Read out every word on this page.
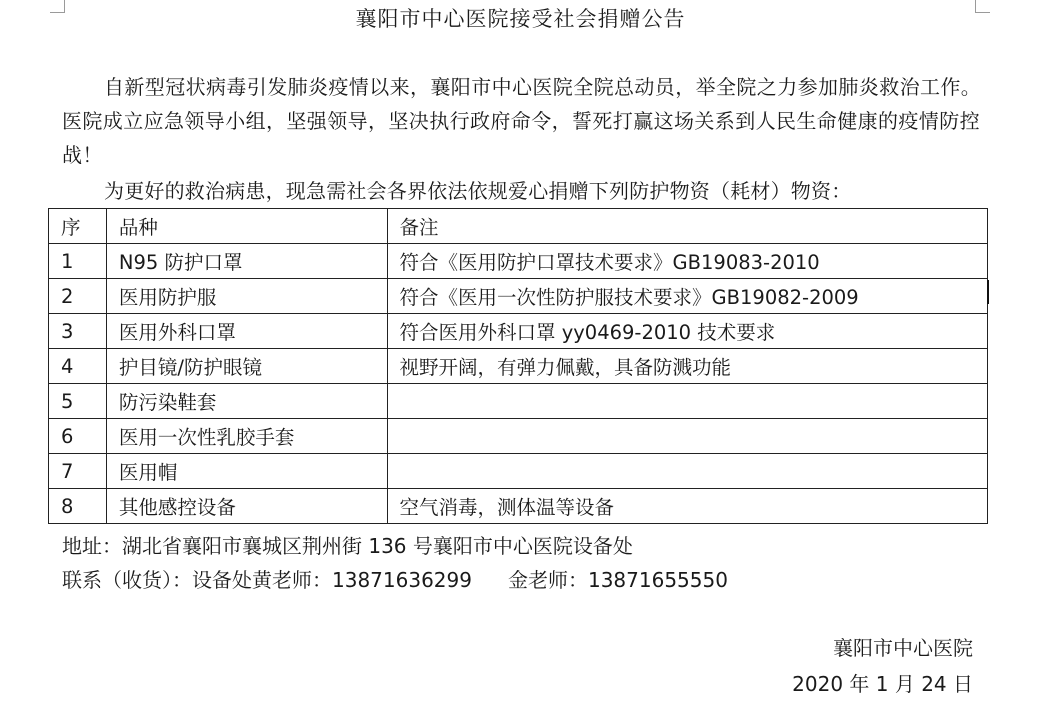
襄阳市中心医院接受社会捐赠公告
自新型冠状病毒引发肺炎疫情以来，襄阳市中心医院全院总动员，举全院之力参加肺炎救治工作。医院成立应急领导小组，坚强领导，坚决执行政府命令，誓死打赢这场关系到人民生命健康的疫情防控战！
为更好的救治病患，现急需社会各界依法依规爱心捐赠下列防护物资（耗材）物资：
序	品种	备注
1	N95 防护口罩	符合《医用防护口罩技术要求》GB19083-2010
2	医用防护服	符合《医用一次性防护服技术要求》GB19082-2009
3	医用外科口罩	符合医用外科口罩 yy0469-2010 技术要求
4	护目镜/防护眼镜	视野开阔，有弹力佩戴，具备防溅功能
5	防污染鞋套	
6	医用一次性乳胶手套	
7	医用帽	
8	其他感控设备	空气消毒，测体温等设备
地址：湖北省襄阳市襄城区荆州街 136 号襄阳市中心医院设备处
联系（收货）：设备处黄老师：13871636299 金老师：13871655550
襄阳市中心医院
2020 年 1 月 24 日
